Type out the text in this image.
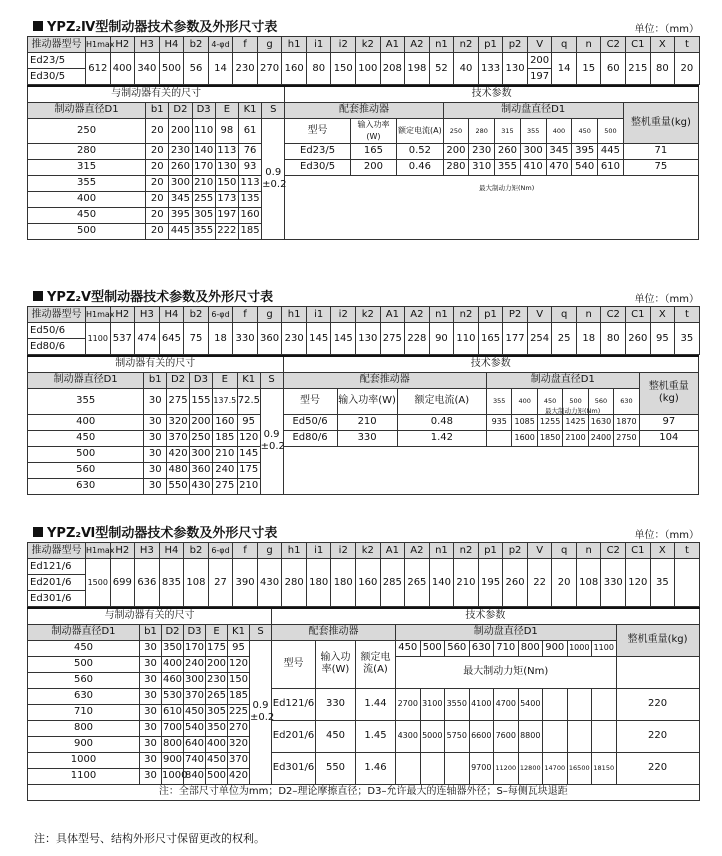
YPZ₂Ⅳ型制动器技术参数及外形尺寸表	单位：（mm）
推动器型号	H1max	H2	H3	H4	b2	4-φd	f	g	h1	i1	i2	k2	A1	A2	n1	n2	p1	p2	V	q	n	C2	C1	X	t
Ed23/5	612	400	340	500	56	14	230	270	160	80	150	100	208	198	52	40	133	130	200	14	15	60	215	80	20
Ed30/5																			197						
与制动器有关的尺寸							技术参数										
制动器直径D1	b1	D2	D3	E	K1	S	配套推动器			制动盘直径D1							整机重量(kg)
250	20	200	110	98	61	0.9 ±0.2	型号	输入功率(W)	额定电流(A)	250	280	315	355	400	450	500	
280	20	230	140	113	76		Ed23/5	165	0.52	200	230	260	300	345	395	445	71
315	20	260	170	130	93		Ed30/5	200	0.46	280	310	355	410	470	540	610	75
355	20	300	210	150	113												
400	20	345	255	173	135												
450	20	395	305	197	160												
500	20	445	355	222	185												
最大制动力矩(Nm)
YPZ₂Ⅴ型制动器技术参数及外形尺寸表	单位：（mm）
推动器型号	H1max	H2	H3	H4	b2	6-φd	f	g	h1	i1	i2	k2	A1	A2	n1	n2	p1	P2	V	q	n	C2	C1	X	t
Ed50/6	1100	537	474	645	75	18	330	360	230	145	145	130	275	228	90	110	165	177	254	25	18	80	260	95	35
Ed80/6																									
制动器有关的尺寸							技术参数									
制动器直径D1	b1	D2	D3	E	K1	S	配套推动器			制动盘直径D1						整机重量(kg)
355	30	275	155	137.5	72.5	0.9 ±0.2	型号	输入功率(W)	额定电流(A)	355	400	450	500	560	630	
400	30	320	200	160	95		Ed50/6	210	0.48	935	1085	1255	1425	1630	1870	97
450	30	370	250	185	120		Ed80/6	330	1.42		1600	1850	2100	2400	2750	104
500	30	420	300	210	145											
560	30	480	360	240	175											
630	30	550	430	275	210											
最大制动力矩(Nm)
YPZ₂Ⅵ型制动器技术参数及外形尺寸表	单位：（mm）
推动器型号	H1max	H2	H3	H4	b2	6-φd	f	g	h1	i1	i2	k2	A1	A2	n1	n2	p1	p2	V	q	n	C2	C1	X	t
Ed121/6	1500	699	636	835	108	27	390	430	280	180	180	160	285	265	140	210	195	260	22	20	108	330	120	35	
Ed201/6																									
Ed301/6																									
与制动器有关的尺寸							技术参数												
制动器直径D1	b1	D2	D3	E	K1	S	配套推动器			制动盘直径D1									整机重量(kg)
450	30	350	170	175	95	0.9 ±0.2	型号	输入功率(W)	额定电流(A)	450	500	560	630	710	800	900	1000	1100	
500	30	400	240	200	120					最大制动力矩(Nm)									
560	30	460	300	230	150														
630	30	530	370	265	185		Ed121/6	330	1.44	2700	3100	3550	4100	4700	5400				220
710	30	610	450	305	225														
800	30	700	540	350	270		Ed201/6	450	1.45	4300	5000	5750	6600	7600	8800				220
900	30	800	640	400	320														
1000	30	900	740	450	370		Ed301/6	550	1.46				9700	11200	12800	14700	16500	18150	220
1100	30	1000	840	500	420														
注：全部尺寸单位为mm；D2–理论摩擦直径；D3–允许最大的连轴器外径；S–每侧瓦块退距																			
注：具体型号、结构外形尺寸保留更改的权利。
